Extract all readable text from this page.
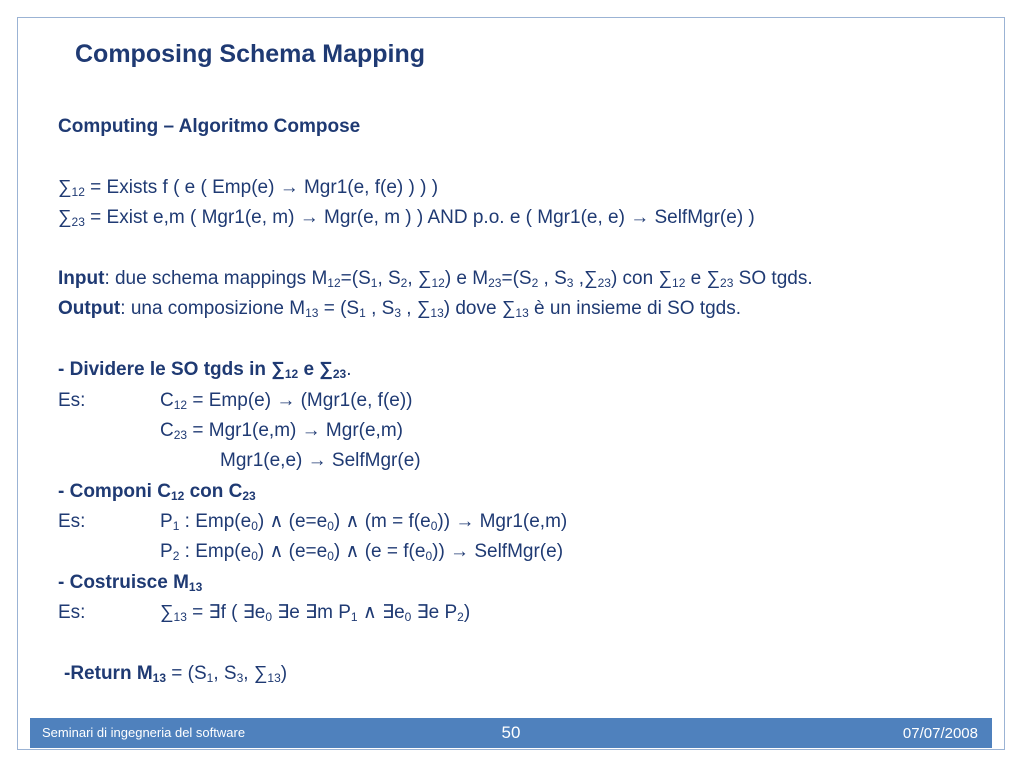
Composing Schema Mapping
Computing – Algoritmo Compose
$\sum_{12}$ = Exists f ( e ( Emp(e) → Mgr1(e, f(e) ) ) )
$\sum_{23}$ = Exist e,m ( Mgr1(e, m) → Mgr(e, m ) ) AND p.o. e ( Mgr1(e, e) → SelfMgr(e) )
Input: due schema mappings $M_{12}=(S_1$, $S_2$, $\sum_{12}$) e $M_{23}=(S_2$ , $S_3$ $,\sum_{23}$) con $\sum_{12}$ e $\sum_{23}$ SO tgds.
Output: una composizione $M_{13} = (S_1$ , $S_3$ , $\sum_{13}$) dove $\sum_{13}$ è un insieme di SO tgds.
- Dividere le SO tgds in $\sum_{12}$ e $\sum_{23}$.
Es:	$C_{12} = Emp(e) \to (Mgr1(e$, f(e))
$C_{23} = Mgr1(e,m) \to Mgr(e,m)$
Mgr1(e,e) → SelfMgr(e)
- Componi $C_{12}$ con $C_{23}$
Es:	$P_1$ : $Emp(e_0)$ ∧ $(e=e_0)$ ∧ $(m = f(e_0)) \to Mgr1(e,m)$
$P_2$ : $Emp(e_0)$ ∧ $(e=e_0)$ ∧ $(e = f(e_0))$ → SelfMgr(e)
- Costruisce $M_{13}$
Es:	$\sum_{13}$ = ∃f ( $\exists e_0$ ∃e ∃m $P_1$ ∧ $\exists e_0$ ∃e $P_2$)
-Return $M_{13} = (S_1$, $S_3$, $\sum_{13}$)
Seminari di ingegneria del software	50	07/07/2008
